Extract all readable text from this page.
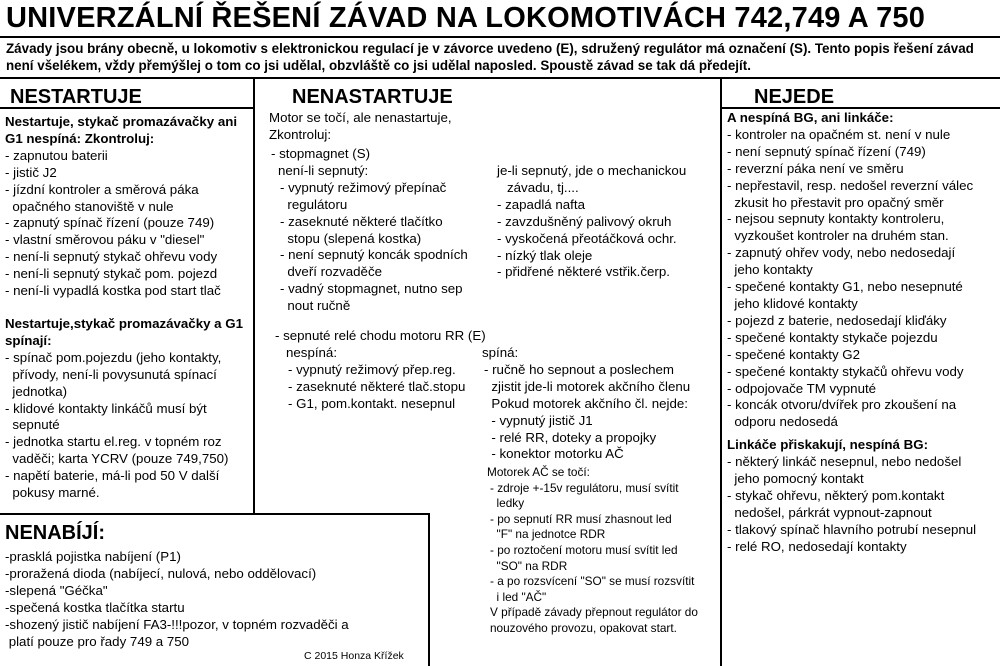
UNIVERZÁLNÍ ŘEŠENÍ ZÁVAD NA LOKOMOTIVÁCH 742,749 A 750
Závady jsou brány obecně, u lokomotiv s elektronickou regulací je v závorce uvedeno (E), sdružený regulátor má označení (S). Tento popis řešení závad není všelékem, vždy přemýšlej o tom co jsi udělal, obzvláště co jsi udělal naposled. Spoustě závad se tak dá předejít.
NESTARTUJE

Nestartuje, stykač promazávačky ani G1 nespíná: Zkontroluj:

- zapnutou baterii
- jistič J2
- jízdní kontroler a směrová páka
opačného stanoviště v nule
- zapnutý spínač řízení (pouze 749)
- vlastní směrovou páku v "diesel"
- není-li sepnutý stykač ohřevu vody
- není-li sepnutý stykač pom. pojezd
- není-li vypadlá kostka pod start tlač

Nestartuje,stykač promazávačky a G1 spínají:

- spínač pom.pojezdu (jeho kontakty,
přívody, není-li povysunutá spínací
jednotka)
- klidové kontakty linkáčů musí být
sepnuté
- jednotka startu el.reg. v topném roz
vaděči; karta YCRV (pouze 749,750)
- napětí baterie, má-li pod 50 V další
pokusy marné.
NENABÍJÍ:
-prasklá pojistka nabíjení (P1)
-proražená dioda (nabíjecí, nulová, nebo oddělovací)
-slepená "Géčka"
-spečená kostka tlačítka startu
-shozený jistič nabíjení FA3-!!!pozor, v topném rozvaděči a
platí pouze pro řady 749 a 750
C 2015 Honza Křížek
NENASTARTUJE
Motor se točí, ale nenastartuje, Zkontroluj:

- stopmagnet (S)

není-li sepnutý:

- vypnutý režimový přepínač
regulátoru
- zaseknuté některé tlačítko
stopu (slepená kostka)
- není sepnutý koncák spodních
dveří rozvaděče
- vadný stopmagnet, nutno sep
nout ručně

je-li sepnutý, jde o mechanickou

závadu, tj....

- zapadlá nafta
- zavzdušněný palivový okruh
- vyskočená přeotáčková ochr.
- nízký tlak oleje
- přidřené některé vstřik.čerp.
- sepnuté relé chodu motoru RR (E)

nespíná:

- vypnutý režimový přep.reg.
- zaseknuté některé tlač.stopu
- G1, pom.kontakt. nesepnul

spíná:

- ručně ho sepnout a poslechem
zjistit jde-li motorek akčního členu
Pokud motorek akčního čl. nejde:
- vypnutý jistič J1
- relé RR, doteky a propojky
- konektor motorku AČ

Motorek AČ se točí:

- zdroje +-15v regulátoru, musí svítit
ledky
- po sepnutí RR musí zhasnout led
"F" na jednotce RDR
- po roztočení motoru musí svítit led
"SO" na RDR
- a po rozsvícení "SO" se musí rozsvítit
i led "AČ"
V případě závady přepnout regulátor do
nouzového provozu, opakovat start.
NEJEDE

A nespíná BG, ani linkáče:

- kontroler na opačném st. není v nule
- není sepnutý spínač řízení (749)
- reverzní páka není ve směru
- nepřestavil, resp. nedošel reverzní válec
zkusit ho přestavit pro opačný směr
- nejsou sepnuty kontakty kontroleru,
vyzkoušet kontroler na druhém stan.
- zapnutý ohřev vody, nebo nedosedají
jeho kontakty
- spečené kontakty G1, nebo nesepnuté
jeho klidové kontakty
- pojezd z baterie, nedosedají kliďáky
- spečené kontakty stykače pojezdu
- spečené kontakty G2
- spečené kontakty stykačů ohřevu vody
- odpojovače TM vypnuté
- koncák otvoru/dvířek pro zkoušení na
odporu nedosedá

Linkáče přiskakují, nespíná BG:

- některý linkáč nesepnul, nebo nedošel
jeho pomocný kontakt
- stykač ohřevu, některý pom.kontakt
nedošel, párkrát vypnout-zapnout
- tlakový spínač hlavního potrubí nesepnul
- relé RO, nedosedají kontakty
